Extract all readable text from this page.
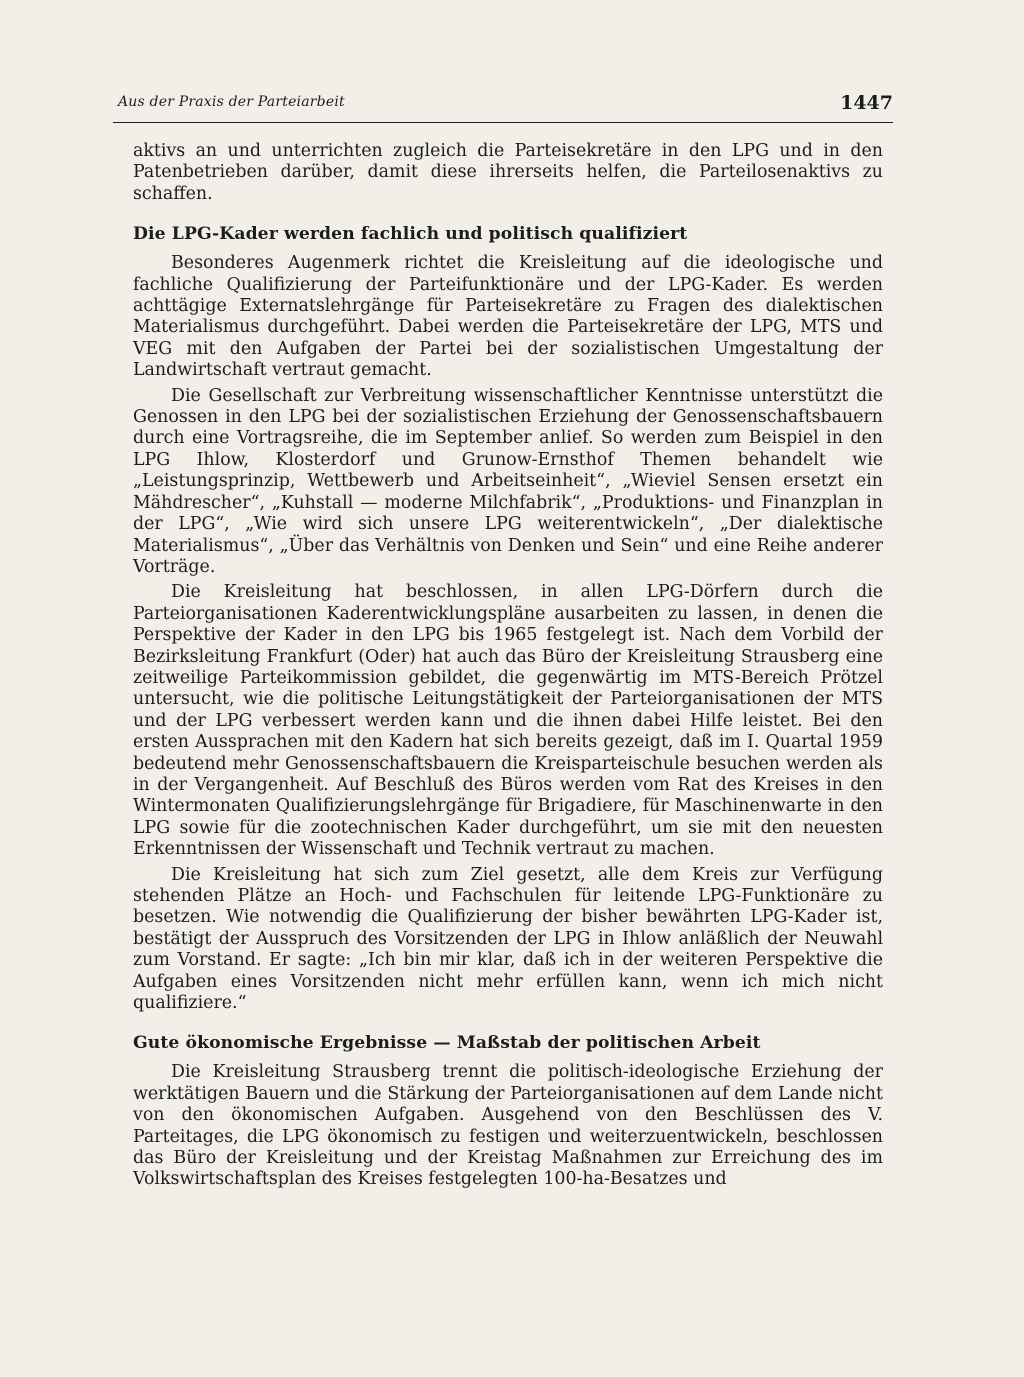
Aus der Praxis der Parteiarbeit	1447

aktivs an und unterrichten zugleich die Parteisekretäre in den LPG und in den Patenbetrieben darüber, damit diese ihrerseits helfen, die Parteilosenaktivs zu schaffen.

Die LPG-Kader werden fachlich und politisch qualifiziert

Besonderes Augenmerk richtet die Kreisleitung auf die ideologische und fachliche Qualifizierung der Parteifunktionäre und der LPG-Kader. Es werden achttägige Externatslehrgänge für Parteisekretäre zu Fragen des dialektischen Materialismus durchgeführt. Dabei werden die Parteisekretäre der LPG, MTS und VEG mit den Aufgaben der Partei bei der sozialistischen Umgestaltung der Landwirtschaft vertraut gemacht.

Die Gesellschaft zur Verbreitung wissenschaftlicher Kenntnisse unterstützt die Genossen in den LPG bei der sozialistischen Erziehung der Genossenschaftsbauern durch eine Vortragsreihe, die im September anlief. So werden zum Beispiel in den LPG Ihlow, Klosterdorf und Grunow-Ernsthof Themen behandelt wie „Leistungsprinzip, Wettbewerb und Arbeitseinheit“, „Wieviel Sensen ersetzt ein Mähdrescher“, „Kuhstall — moderne Milchfabrik“, „Produktions- und Finanzplan in der LPG“, „Wie wird sich unsere LPG weiterentwickeln“, „Der dialektische Materialismus“, „Über das Verhältnis von Denken und Sein“ und eine Reihe anderer Vorträge.

Die Kreisleitung hat beschlossen, in allen LPG-Dörfern durch die Parteiorganisationen Kaderentwicklungspläne ausarbeiten zu lassen, in denen die Perspektive der Kader in den LPG bis 1965 festgelegt ist. Nach dem Vorbild der Bezirksleitung Frankfurt (Oder) hat auch das Büro der Kreisleitung Strausberg eine zeitweilige Parteikommission gebildet, die gegenwärtig im MTS-Bereich Prötzel untersucht, wie die politische Leitungstätigkeit der Parteiorganisationen der MTS und der LPG verbessert werden kann und die ihnen dabei Hilfe leistet. Bei den ersten Aussprachen mit den Kadern hat sich bereits gezeigt, daß im I. Quartal 1959 bedeutend mehr Genossenschaftsbauern die Kreisparteischule besuchen werden als in der Vergangenheit. Auf Beschluß des Büros werden vom Rat des Kreises in den Wintermonaten Qualifizierungslehrgänge für Brigadiere, für Maschinenwarte in den LPG sowie für die zootechnischen Kader durchgeführt, um sie mit den neuesten Erkenntnissen der Wissenschaft und Technik vertraut zu machen.

Die Kreisleitung hat sich zum Ziel gesetzt, alle dem Kreis zur Verfügung stehenden Plätze an Hoch- und Fachschulen für leitende LPG-Funktionäre zu besetzen. Wie notwendig die Qualifizierung der bisher bewährten LPG-Kader ist, bestätigt der Ausspruch des Vorsitzenden der LPG in Ihlow anläßlich der Neuwahl zum Vorstand. Er sagte: „Ich bin mir klar, daß ich in der weiteren Perspektive die Aufgaben eines Vorsitzenden nicht mehr erfüllen kann, wenn ich mich nicht qualifiziere.“

Gute ökonomische Ergebnisse — Maßstab der politischen Arbeit

Die Kreisleitung Strausberg trennt die politisch-ideologische Erziehung der werktätigen Bauern und die Stärkung der Parteiorganisationen auf dem Lande nicht von den ökonomischen Aufgaben. Ausgehend von den Beschlüssen des V. Parteitages, die LPG ökonomisch zu festigen und weiterzuentwickeln, beschlossen das Büro der Kreisleitung und der Kreistag Maßnahmen zur Erreichung des im Volkswirtschaftsplan des Kreises festgelegten 100-ha-Besatzes und
